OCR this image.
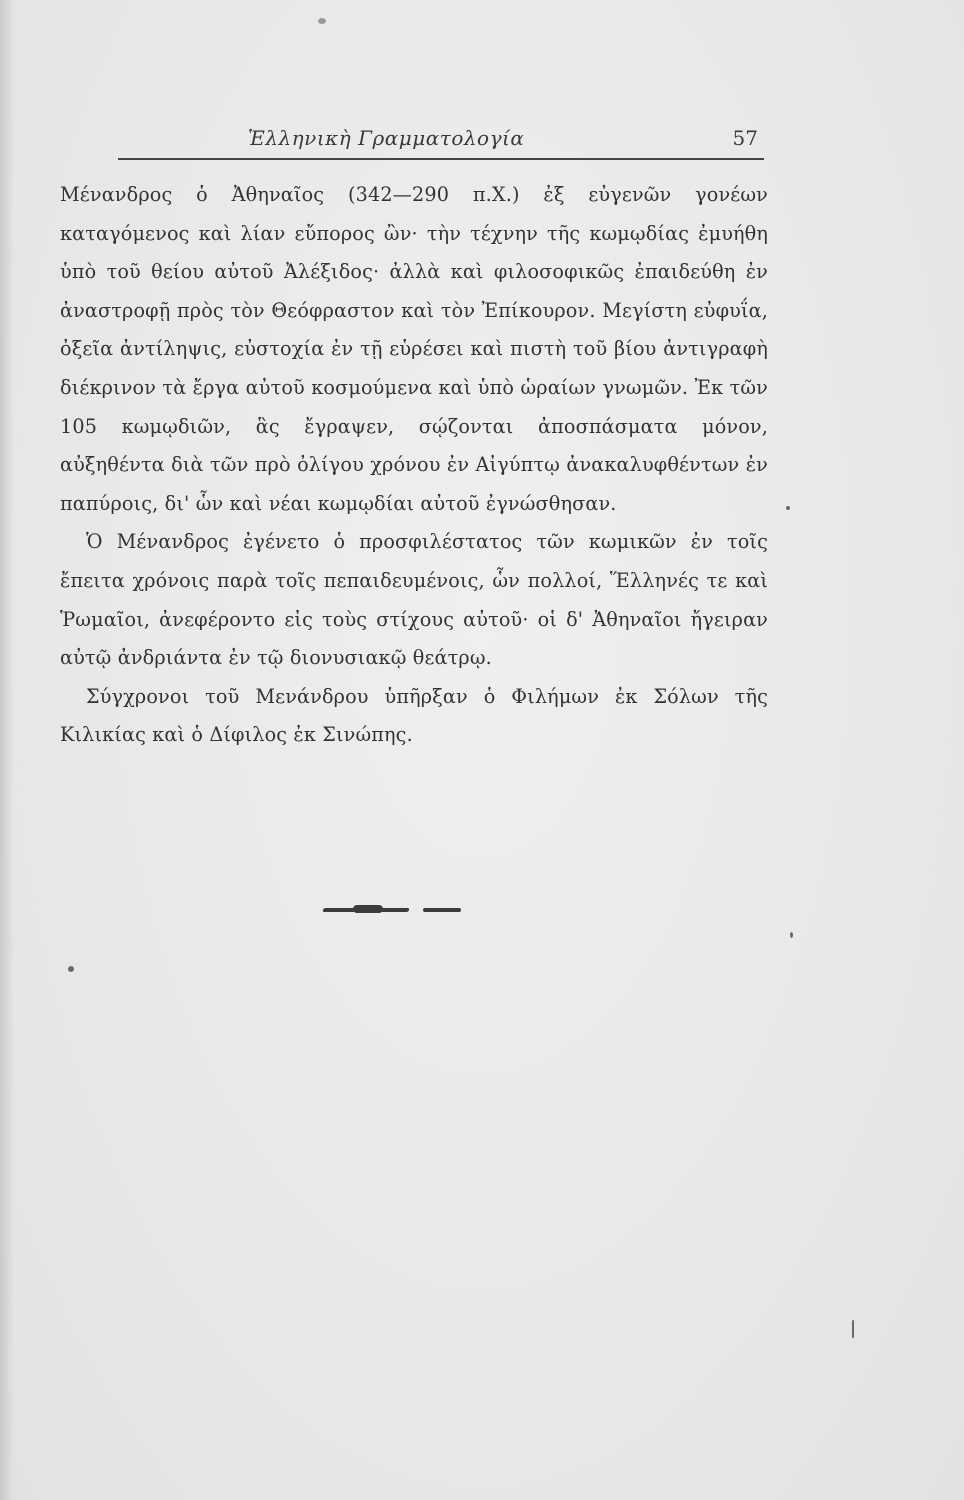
Ἑλληνικὴ Γραμματολογία	57

Μένανδρος ὁ Ἀθηναῖος (342—290 π.Χ.) ἐξ εὐγενῶν γονέων καταγόμενος καὶ λίαν εὔπορος ὢν· τὴν τέχνην τῆς κωμῳδίας ἐμυήθη ὑπὸ τοῦ θείου αὐτοῦ Ἀλέξιδος· ἀλλὰ καὶ φιλοσοφικῶς ἐπαιδεύθη ἐν ἀναστροφῇ πρὸς τὸν Θεόφραστον καὶ τὸν Ἐπίκουρον. Μεγίστη εὐφυΐα, ὀξεῖα ἀντίληψις, εὐστοχία ἐν τῇ εὑρέσει καὶ πιστὴ τοῦ βίου ἀντιγραφὴ διέκρινον τὰ ἔργα αὐτοῦ κοσμούμενα καὶ ὑπὸ ὡραίων γνωμῶν. Ἐκ τῶν 105 κωμῳδιῶν, ἃς ἔγραψεν, σῴζονται ἀποσπάσματα μόνον, αὐξηθέντα διὰ τῶν πρὸ ὀλίγου χρόνου ἐν Αἰγύπτῳ ἀνακαλυφθέντων ἐν παπύροις, δι' ὧν καὶ νέαι κωμῳδίαι αὐτοῦ ἐγνώσθησαν.

Ὁ Μένανδρος ἐγένετο ὁ προσφιλέστατος τῶν κωμικῶν ἐν τοῖς ἔπειτα χρόνοις παρὰ τοῖς πεπαιδευμένοις, ὧν πολλοί, Ἕλληνές τε καὶ Ῥωμαῖοι, ἀνεφέροντο εἰς τοὺς στίχους αὐτοῦ· οἱ δ' Ἀθηναῖοι ἤγειραν αὐτῷ ἀνδριάντα ἐν τῷ διονυσιακῷ θεάτρῳ.

Σύγχρονοι τοῦ Μενάνδρου ὑπῆρξαν ὁ Φιλήμων ἐκ Σόλων τῆς Κιλικίας καὶ ὁ Δίφιλος ἐκ Σινώπης.
